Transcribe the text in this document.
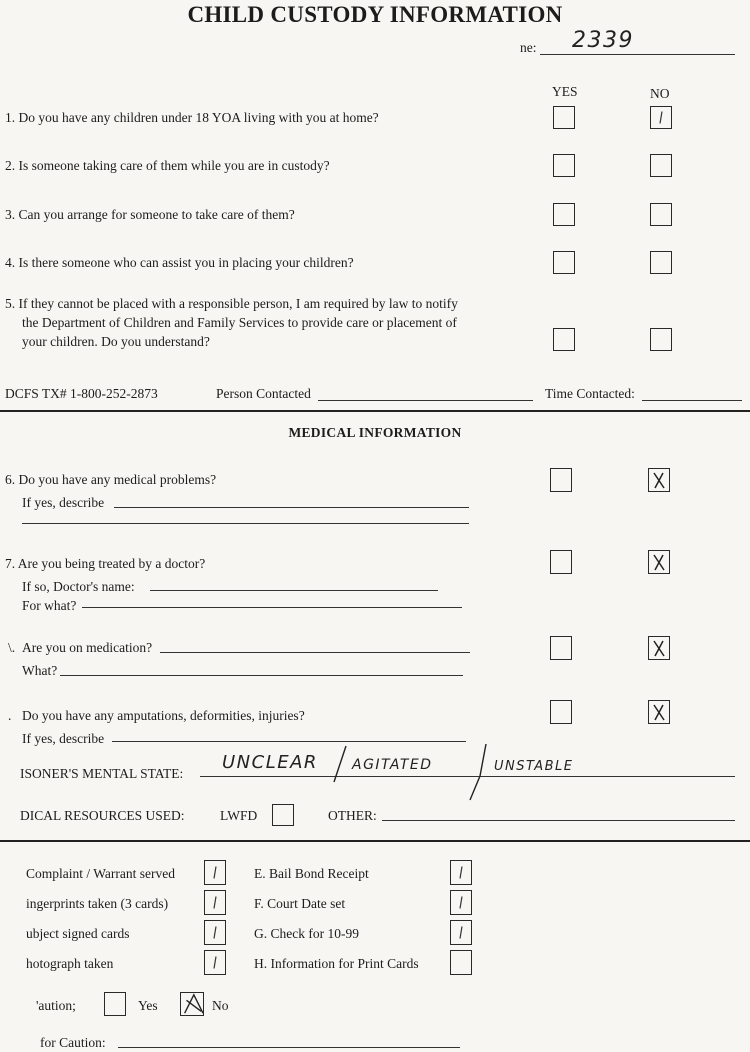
CHILD CUSTODY INFORMATION
ne: 2339
YES	NO
1. Do you have any children under 18 YOA living with you at home?
2. Is someone taking care of them while you are in custody?
3. Can you arrange for someone to take care of them?
4. Is there someone who can assist you in placing your children?
5. If they cannot be placed with a responsible person, I am required by law to notify
the Department of Children and Family Services to provide care or placement of
your children. Do you understand?
DCFS TX# 1-800-252-2873	Person Contacted	Time Contacted:
MEDICAL INFORMATION
6. Do you have any medical problems?
If yes, describe
7. Are you being treated by a doctor?
If so, Doctor's name:
For what?
\. Are you on medication?
What?
. Do you have any amputations, deformities, injuries?
If yes, describe
ISONER'S MENTAL STATE:
UNCLEAR AGITATED	UNSTABLE
DICAL RESOURCES USED:	LWFD	OTHER:
Complaint / Warrant served
ingerprints taken (3 cards)
ubject signed cards
hotograph taken
E. Bail Bond Receipt
F. Court Date set
G. Check for 10-99
H. Information for Print Cards
'aution;	Yes	No
for Caution:
